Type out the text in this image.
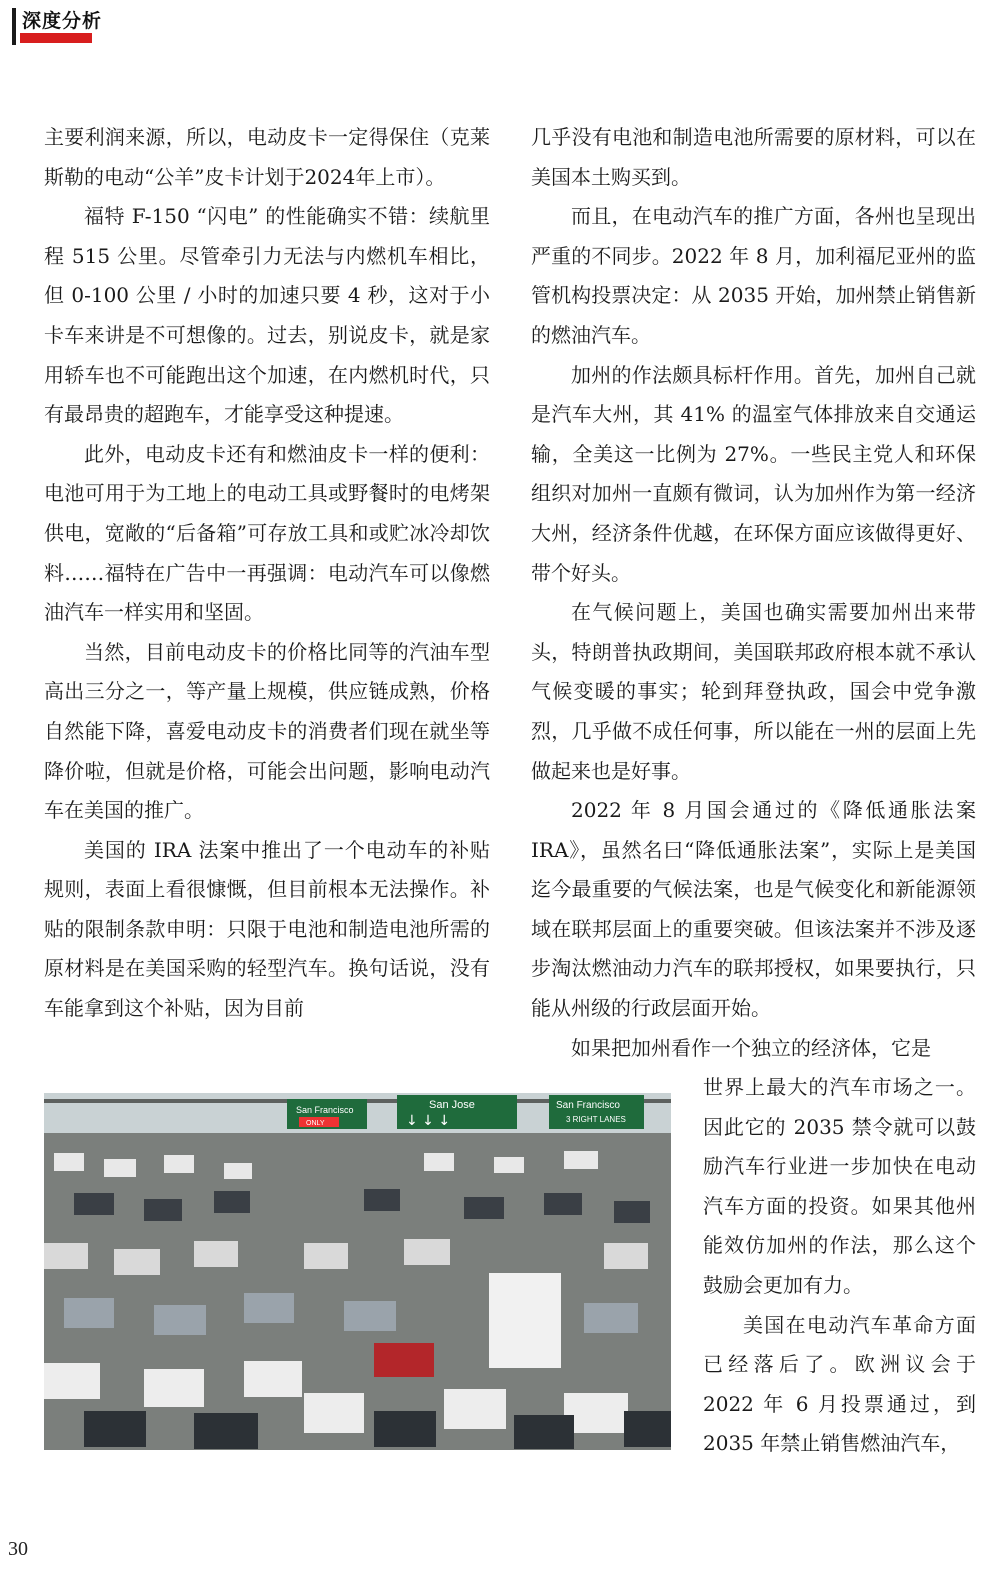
深度分析

主要利润来源，所以，电动皮卡一定得保住（克莱斯勒的电动“公羊”皮卡计划于2024年上市）。

福特 F-150 “闪电” 的性能确实不错：续航里程 515 公里。尽管牵引力无法与内燃机车相比，但 0-100 公里 / 小时的加速只要 4 秒，这对于小卡车来讲是不可想像的。过去，别说皮卡，就是家用轿车也不可能跑出这个加速，在内燃机时代，只有最昂贵的超跑车，才能享受这种提速。

此外，电动皮卡还有和燃油皮卡一样的便利：电池可用于为工地上的电动工具或野餐时的电烤架供电，宽敞的“后备箱”可存放工具和或贮冰冷却饮料……福特在广告中一再强调：电动汽车可以像燃油汽车一样实用和坚固。

当然，目前电动皮卡的价格比同等的汽油车型高出三分之一，等产量上规模，供应链成熟，价格自然能下降，喜爱电动皮卡的消费者们现在就坐等降价啦，但就是价格，可能会出问题，影响电动汽车在美国的推广。

美国的 IRA 法案中推出了一个电动车的补贴规则，表面上看很慷慨，但目前根本无法操作。补贴的限制条款申明：只限于电池和制造电池所需的原材料是在美国采购的轻型汽车。换句话说，没有车能拿到这个补贴，因为目前

几乎没有电池和制造电池所需要的原材料，可以在美国本土购买到。

而且，在电动汽车的推广方面，各州也呈现出严重的不同步。2022 年 8 月，加利福尼亚州的监管机构投票决定：从 2035 开始，加州禁止销售新的燃油汽车。

加州的作法颇具标杆作用。首先，加州自己就是汽车大州，其 41% 的温室气体排放来自交通运输，全美这一比例为 27%。一些民主党人和环保组织对加州一直颇有微词，认为加州作为第一经济大州，经济条件优越，在环保方面应该做得更好、带个好头。

在气候问题上，美国也确实需要加州出来带头，特朗普执政期间，美国联邦政府根本就不承认气候变暖的事实；轮到拜登执政，国会中党争激烈，几乎做不成任何事，所以能在一州的层面上先做起来也是好事。

2022 年 8 月国会通过的《降低通胀法案 IRA》，虽然名曰“降低通胀法案”，实际上是美国迄今最重要的气候法案，也是气候变化和新能源领域在联邦层面上的重要突破。但该法案并不涉及逐步淘汰燃油动力汽车的联邦授权，如果要执行，只能从州级的行政层面开始。

如果把加州看作一个独立的经济体，它是

世界上最大的汽车市场之一。因此它的 2035 禁令就可以鼓励汽车行业进一步加快在电动汽车方面的投资。如果其他州能效仿加州的作法，那么这个鼓励会更加有力。

美国在电动汽车革命方面已经落后了。欧洲议会于 2022 年 6 月投票通过，到 2035 年禁止销售燃油汽车，

San Francisco
ONLY
San Jose
↓ ↓ ↓
San Francisco
3 RIGHT LANES
30
